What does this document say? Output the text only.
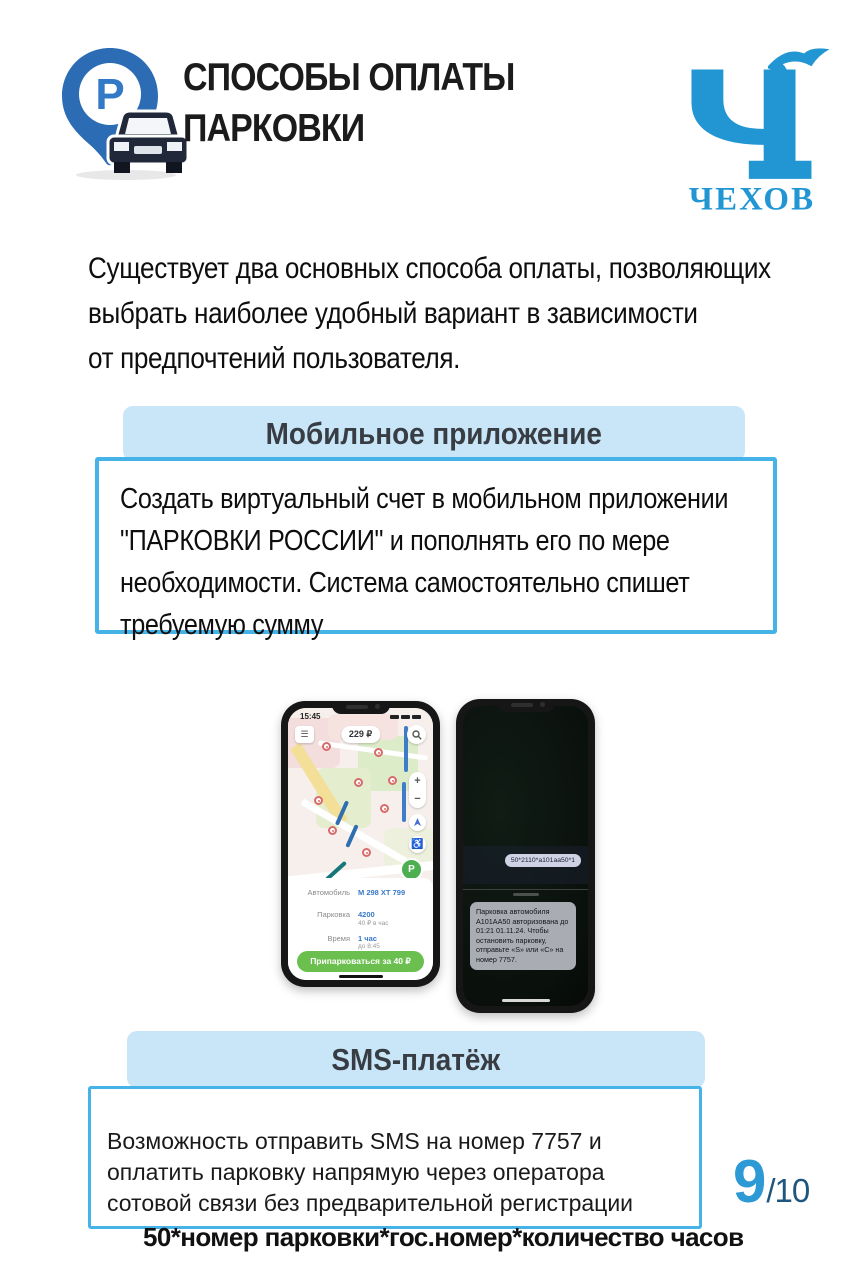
P СПОСОБЫ ОПЛАТЫ
ПАРКОВКИ
ЧЕХОВ
Существует два основных способа оплаты, позволяющих
выбрать наиболее удобный вариант в зависимости
от предпочтений пользователя.
Мобильное приложение
Создать виртуальный счет в мобильном приложении "ПАРКОВКИ РОССИИ" и пополнять его по мере необходимости. Система самостоятельно спишет требуемую сумму
15:45
☰	229 ₽
+
−
♿
P
Автомобиль М 298 ХТ 799
Парковка 4200
40 ₽ в час
Время 1 час
до 8:45
Припарковаться за 40 ₽
50*2110*а101аа50*1
Парковка автомобиля А101АА50 авторизована до 01:21 01.11.24. Чтобы остановить парковку, отправьте «S» или «С» на номер 7757.
SMS-платёж
Возможность отправить SMS на номер 7757 и оплатить парковку напрямую через оператора сотовой связи без предварительной регистрации
50*номер парковки*гос.номер*количество часов
9 /10
